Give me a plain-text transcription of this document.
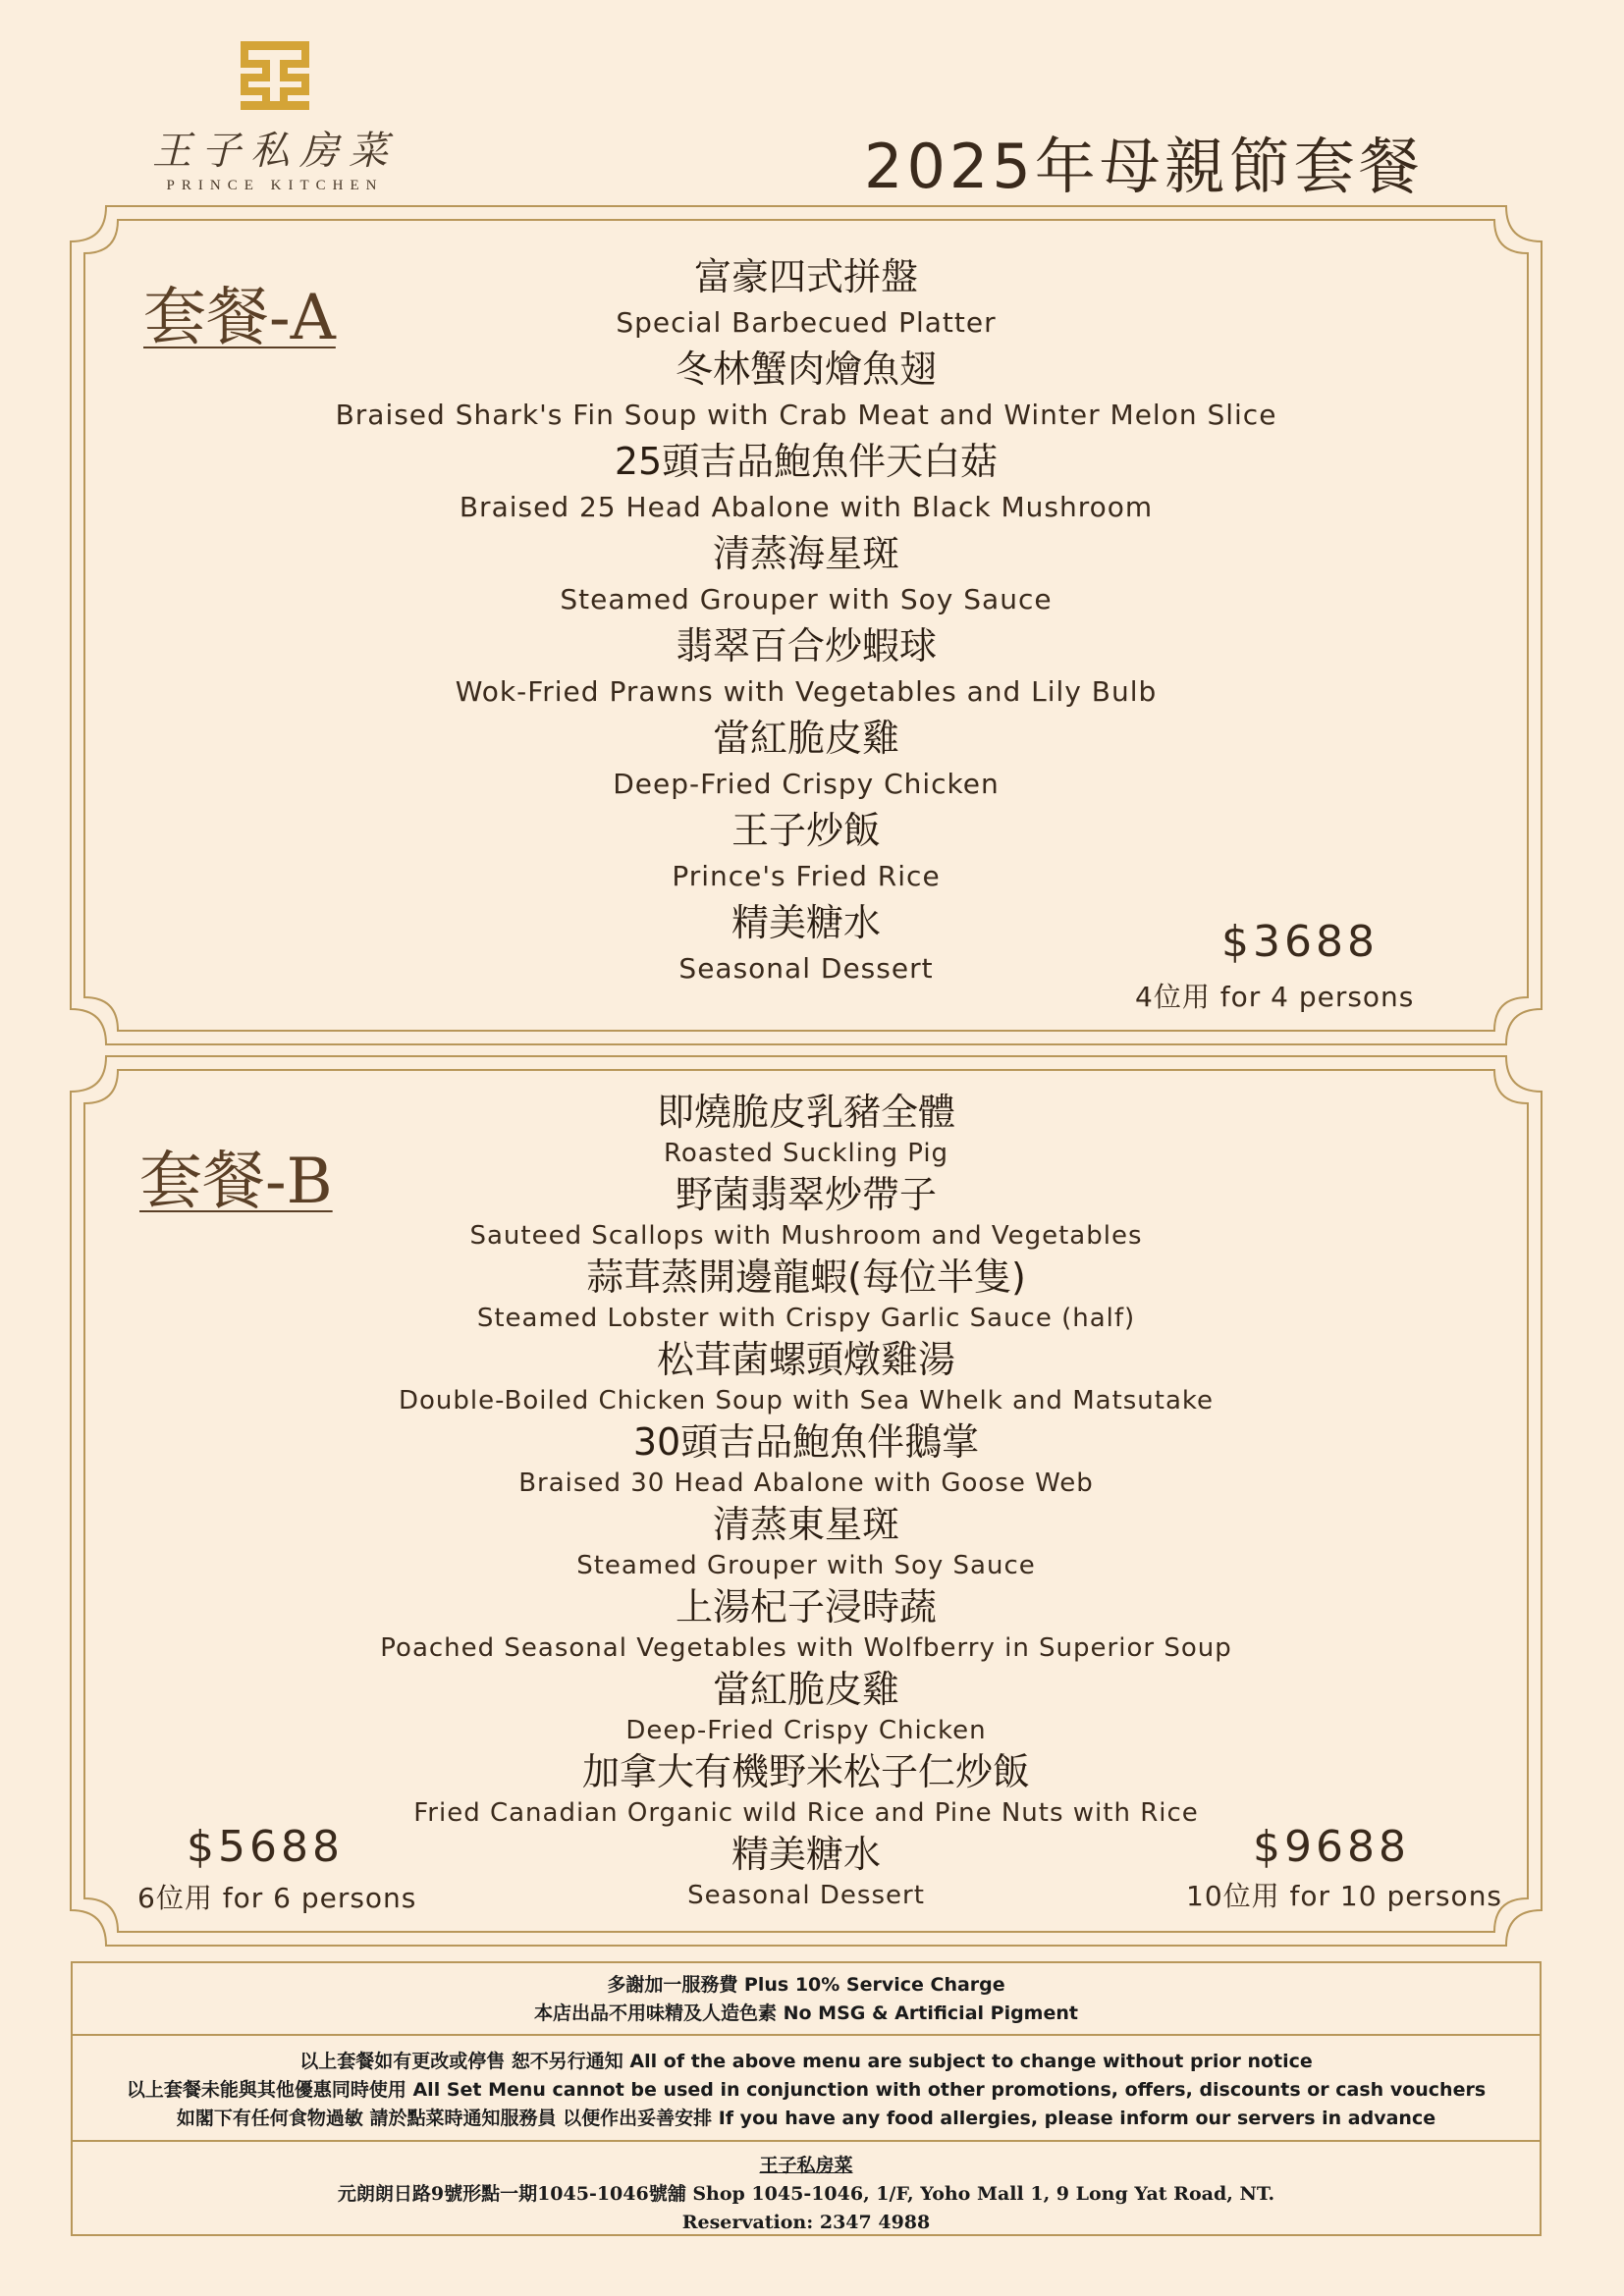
王子私房菜
PRINCE KITCHEN	2025年母親節套餐
套餐-A
富豪四式拼盤
Special Barbecued Platter
冬林蟹肉燴魚翅
Braised Shark's Fin Soup with Crab Meat and Winter Melon Slice
25頭吉品鮑魚伴天白菇
Braised 25 Head Abalone with Black Mushroom
清蒸海星斑
Steamed Grouper with Soy Sauce
翡翠百合炒蝦球
Wok-Fried Prawns with Vegetables and Lily Bulb
當紅脆皮雞
Deep-Fried Crispy Chicken
王子炒飯
Prince's Fried Rice
精美糖水
Seasonal Dessert
$3688
4位用 for 4 persons
套餐-B
即燒脆皮乳豬全體
Roasted Suckling Pig
野菌翡翠炒帶子
Sauteed Scallops with Mushroom and Vegetables
蒜茸蒸開邊龍蝦(每位半隻)
Steamed Lobster with Crispy Garlic Sauce (half)
松茸菌螺頭燉雞湯
Double-Boiled Chicken Soup with Sea Whelk and Matsutake
30頭吉品鮑魚伴鵝掌
Braised 30 Head Abalone with Goose Web
清蒸東星斑
Steamed Grouper with Soy Sauce
上湯杞子浸時蔬
Poached Seasonal Vegetables with Wolfberry in Superior Soup
當紅脆皮雞
Deep-Fried Crispy Chicken
加拿大有機野米松子仁炒飯
Fried Canadian Organic wild Rice and Pine Nuts with Rice
精美糖水
Seasonal Dessert
$5688
6位用 for 6 persons
$9688
10位用 for 10 persons
多謝加一服務費 Plus 10% Service Charge
本店出品不用味精及人造色素 No MSG & Artificial Pigment
以上套餐如有更改或停售 恕不另行通知 All of the above menu are subject to change without prior notice
以上套餐未能與其他優惠同時使用 All Set Menu cannot be used in conjunction with other promotions, offers, discounts or cash vouchers
如閣下有任何食物過敏 請於點菜時通知服務員 以便作出妥善安排 If you have any food allergies, please inform our servers in advance
王子私房菜
元朗朗日路9號形點一期1045-1046號舖 Shop 1045-1046, 1/F, Yoho Mall 1, 9 Long Yat Road, NT.
Reservation: 2347 4988
